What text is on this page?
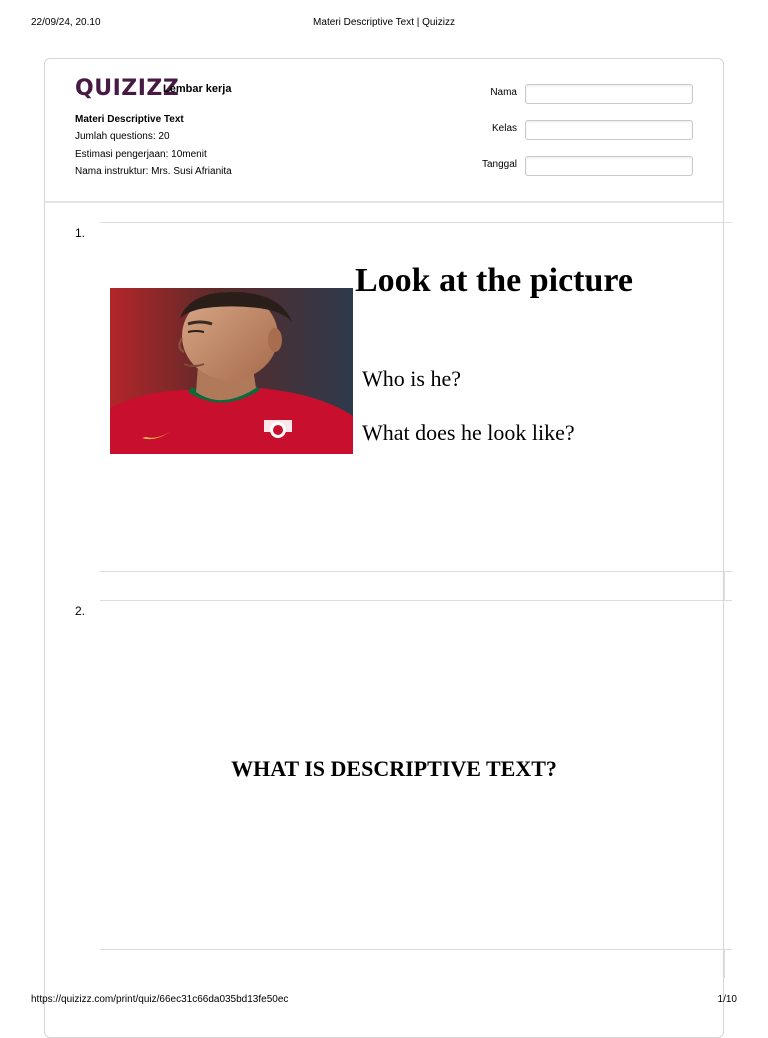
22/09/24, 20.10	Materi Descriptive Text | Quizizz
QUIZIZZ
Lembar kerja
Materi Descriptive Text
Jumlah questions: 20
Estimasi pengerjaan: 10menit
Nama instruktur: Mrs. Susi Afrianita
Nama
Kelas
Tanggal
1.
Look at the picture
Who is he?
What does he look like?
2.
WHAT IS DESCRIPTIVE TEXT?
https://quizizz.com/print/quiz/66ec31c66da035bd13fe50ec	1/10
